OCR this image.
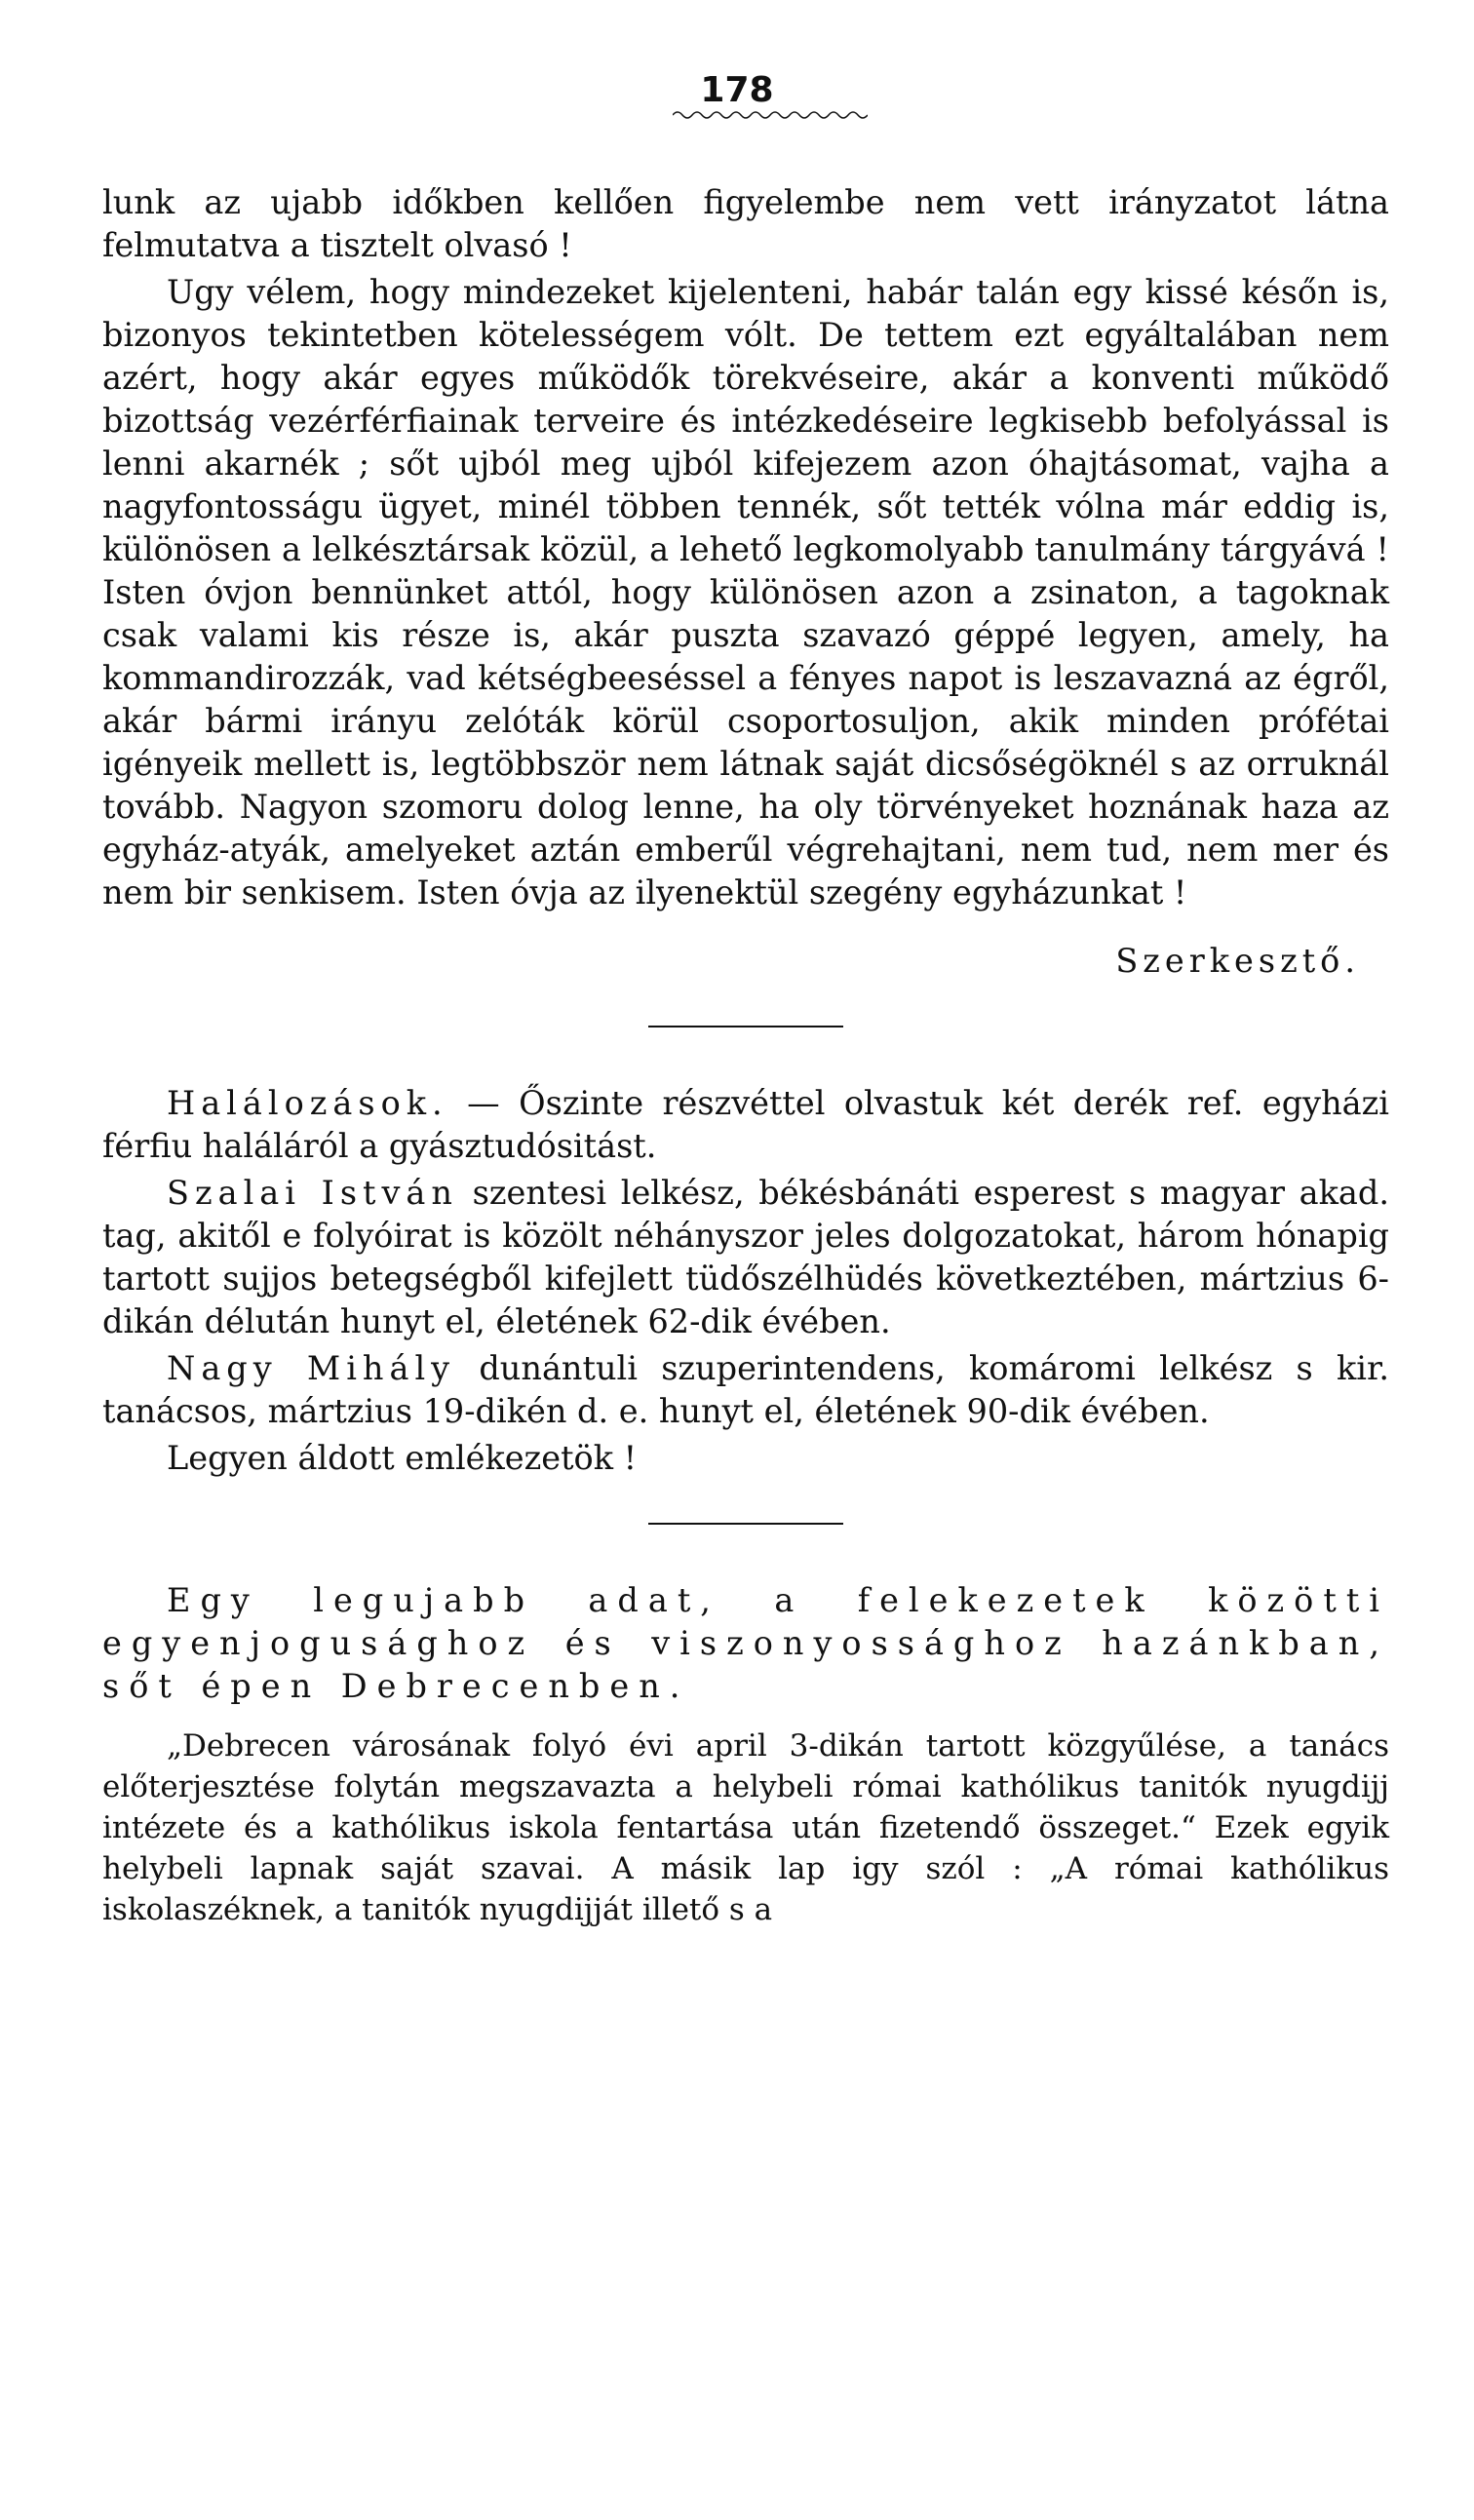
178

lunk az ujabb időkben kellően figyelembe nem vett irányzatot látna felmutatva a tisztelt olvasó !

Ugy vélem, hogy mindezeket kijelenteni, habár talán egy kissé későn is, bizonyos tekintetben kötelességem vólt. De tettem ezt egyáltalában nem azért, hogy akár egyes működők törekvéseire, akár a konventi működő bizottság vezérférfiainak terveire és intézkedéseire legkisebb befolyással is lenni akarnék ; sőt ujból meg ujból kifejezem azon óhajtásomat, vajha a nagyfontosságu ügyet, minél többen tennék, sőt tették vólna már eddig is, különösen a lelkésztársak közül, a lehető legkomolyabb tanulmány tárgyává ! Isten óvjon bennünket attól, hogy különösen azon a zsinaton, a tagoknak csak valami kis része is, akár puszta szavazó géppé legyen, amely, ha kommandirozzák, vad kétségbeeséssel a fényes napot is leszavazná az égről, akár bármi irányu zelóták körül csoportosuljon, akik minden prófétai igényeik mellett is, legtöbbször nem látnak saját dicsőségöknél s az orruknál tovább. Nagyon szomoru dolog lenne, ha oly törvényeket hoznának haza az egyház-atyák, amelyeket aztán emberűl végrehajtani, nem tud, nem mer és nem bir senkisem. Isten óvja az ilyenektül szegény egyházunkat !

Szerkesztő.

Halálozások. — Őszinte részvéttel olvastuk két derék ref. egyházi férfiu haláláról a gyásztudósitást.

Szalai István szentesi lelkész, békésbánáti esperest s magyar akad. tag, akitől e folyóirat is közölt néhányszor jeles dolgozatokat, három hónapig tartott sujjos betegségből kifejlett tüdőszélhüdés következtében, mártzius 6-dikán délután hunyt el, életének 62-dik évében.

Nagy Mihály dunántuli szuperintendens, komáromi lelkész s kir. tanácsos, mártzius 19-dikén d. e. hunyt el, életének 90-dik évében.

Legyen áldott emlékezetök !

Egy legujabb adat, a felekezetek közötti egyenjogusághoz és viszonyossághoz hazánkban, sőt épen Debrecenben.

„Debrecen városának folyó évi april 3-dikán tartott közgyűlése, a tanács előterjesztése folytán megszavazta a helybeli római kathólikus tanitók nyugdijj intézete és a kathólikus iskola fentartása után fizetendő összeget.“ Ezek egyik helybeli lapnak saját szavai. A másik lap igy szól : „A római kathólikus iskolaszéknek, a tanitók nyugdijját illető s a
